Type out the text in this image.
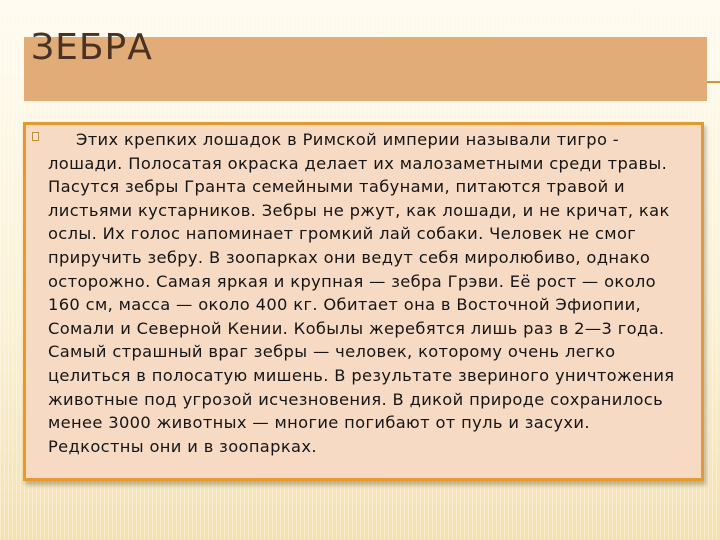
ЗЕБРА

Этих крепких лошадок в Римской империи называли тигро - лошади. Полосатая окраска делает их малозаметными среди травы. Пасутся зебры Гранта семейными табунами, питаются травой и листьями кустарников. Зебры не ржут, как лошади, и не кричат, как ослы. Их голос напоминает громкий лай собаки. Человек не смог приручить зебру. В зоопарках они ведут себя миролюбиво, однако осторожно. Самая яркая и крупная — зебра Грэви. Её рост — около 160 см, масса — около 400 кг. Обитает она в Восточной Эфиопии, Сомали и Северной Кении. Кобылы жеребятся лишь раз в 2—3 года. Самый страшный враг зебры — человек, которому очень легко целиться в полосатую мишень. В результате звериного уничтожения животные под угрозой исчезновения. В дикой природе сохранилось менее 3000 животных — многие погибают от пуль и засухи. Редкостны они и в зоопарках.
